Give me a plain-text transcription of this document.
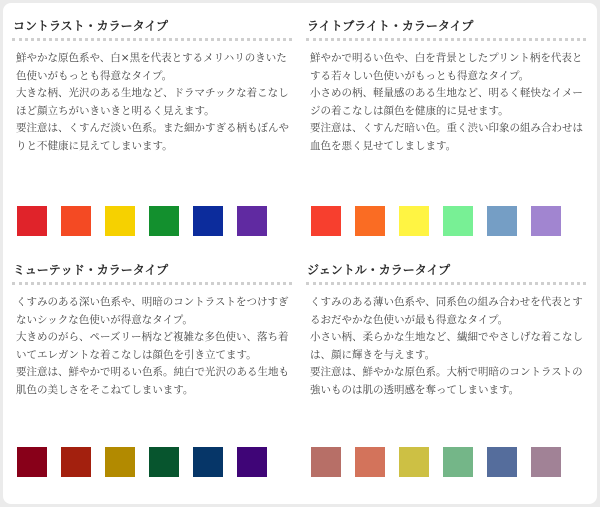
コントラスト・カラータイプ

鮮やかな原色系や、白×黒を代表とするメリハリのきいた色使いがもっとも得意なタイプ。

大きな柄、光沢のある生地など、ドラマチックな着こなしほど顔立ちがいきいきと明るく見えます。

要注意は、くすんだ淡い色系。また細かすぎる柄もぼんやりと不健康に見えてしまいます。

ライトブライト・カラータイプ

鮮やかで明るい色や、白を背景としたプリント柄を代表とする若々しい色使いがもっとも得意なタイプ。

小さめの柄、軽量感のある生地など、明るく軽快なイメージの着こなしは顔色を健康的に見せます。

要注意は、くすんだ暗い色。重く渋い印象の組み合わせは血色を悪く見せてしまします。

ミューテッド・カラータイプ

くすみのある深い色系や、明暗のコントラストをつけすぎないシックな色使いが得意なタイプ。

大きめのがら、ペーズリー柄など複雑な多色使い、落ち着いてエレガントな着こなしは顔色を引き立てます。

要注意は、鮮やかで明るい色系。純白で光沢のある生地も肌色の美しさをそこねてしまいます。

ジェントル・カラータイプ

くすみのある薄い色系や、同系色の組み合わせを代表とするおだやかな色使いが最も得意なタイプ。

小さい柄、柔らかな生地など、繊細でやさしげな着こなしは、顔に輝きを与えます。

要注意は、鮮やかな原色系。大柄で明暗のコントラストの強いものは肌の透明感を奪ってしまいます。
